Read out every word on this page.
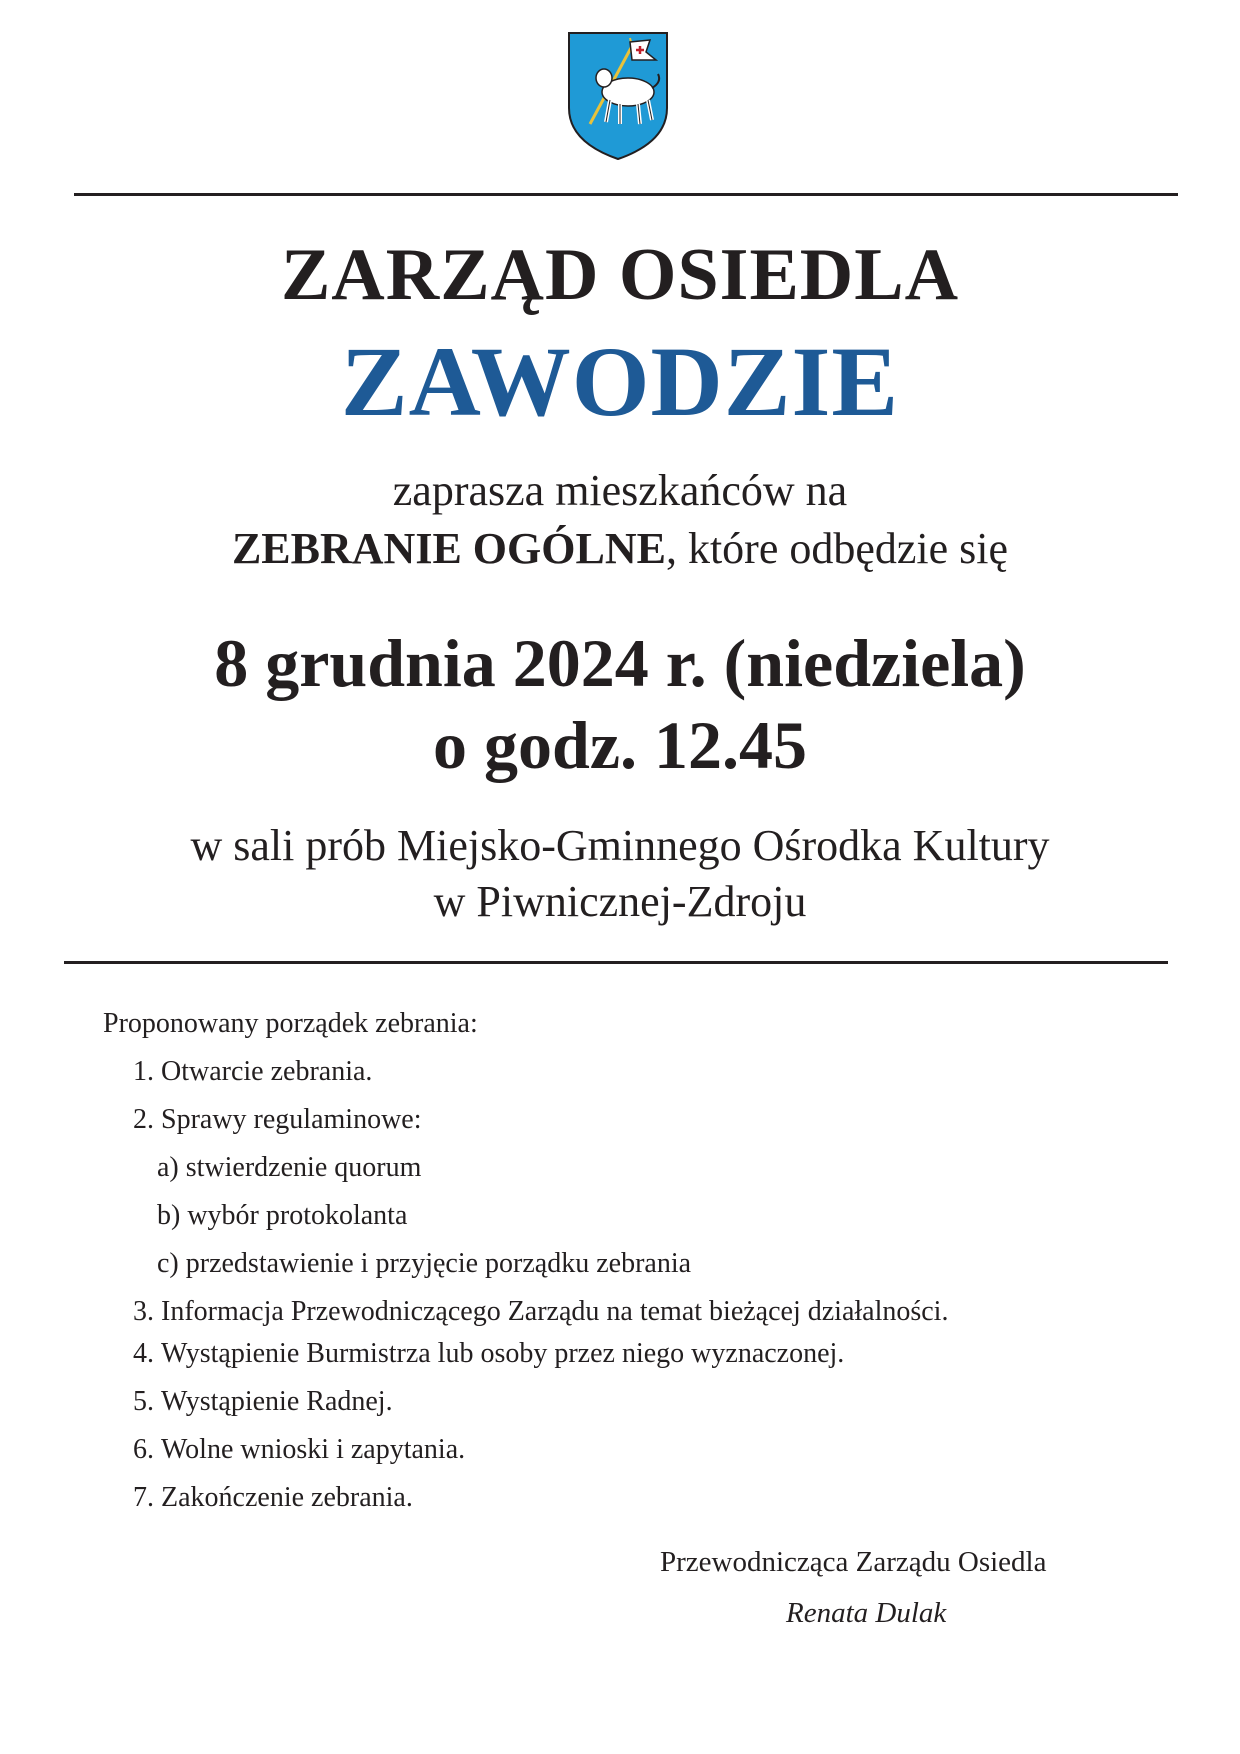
ZARZĄD OSIEDLA
ZAWODZIE
zaprasza mieszkańców na
ZEBRANIE OGÓLNE, które odbędzie się
8 grudnia 2024 r. (niedziela)
o godz. 12.45
w sali prób Miejsko-Gminnego Ośrodka Kultury
w Piwnicznej-Zdroju
Proponowany porządek zebrania:
1. Otwarcie zebrania.
2. Sprawy regulaminowe:
a) stwierdzenie quorum
b) wybór protokolanta
c) przedstawienie i przyjęcie porządku zebrania
3. Informacja Przewodniczącego Zarządu na temat bieżącej działalności.
4. Wystąpienie Burmistrza lub osoby przez niego wyznaczonej.
5. Wystąpienie Radnej.
6. Wolne wnioski i zapytania.
7. Zakończenie zebrania.
Przewodnicząca Zarządu Osiedla
Renata Dulak
